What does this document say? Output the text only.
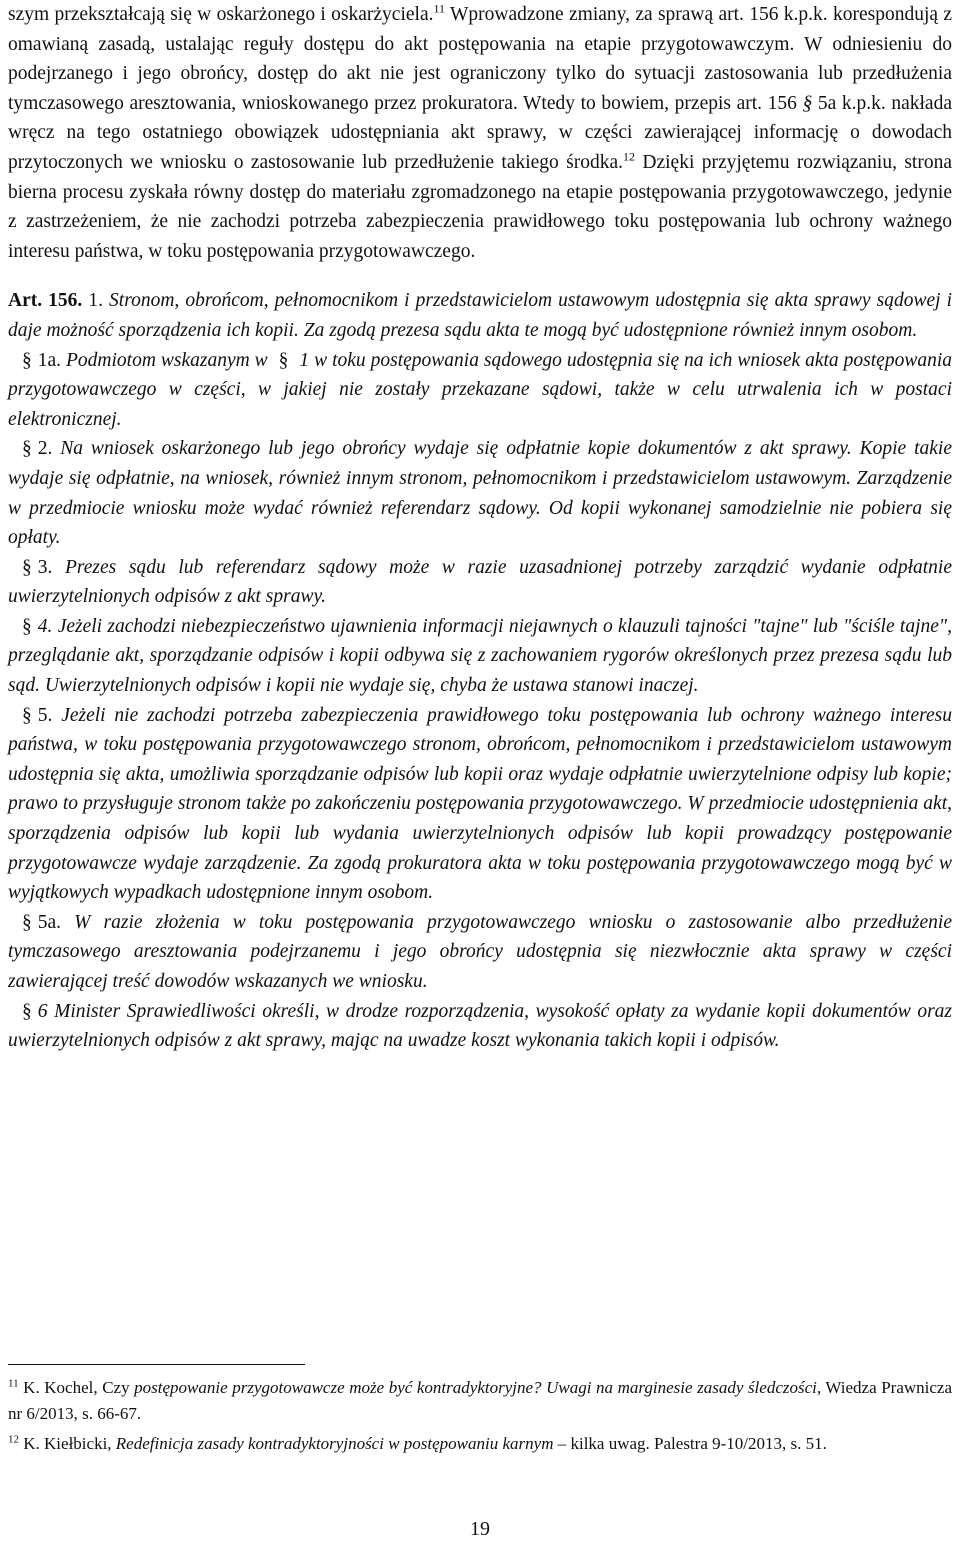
szym przekształcają się w oskarżonego i oskarżyciela.$^{11}$ Wprowadzone zmiany, za sprawą art. 156 k.p.k. korespondują z omawianą zasadą, ustalając reguły dostępu do akt postępowania na etapie przygotowawczym. W odniesieniu do podejrzanego i jego obrońcy, dostęp do akt nie jest ograniczony tylko do sytuacji zastosowania lub przedłużenia tymczasowego aresztowania, wnioskowanego przez prokuratora. Wtedy to bowiem, przepis art. 156 § 5a k.p.k. nakłada wręcz na tego ostatniego obowiązek udostępniania akt sprawy, w części zawierającej informację o dowodach przytoczonych we wniosku o zastosowanie lub przedłużenie takiego środka.$^{12}$ Dzięki przyjętemu rozwiązaniu, strona bierna procesu zyskała równy dostęp do materiału zgromadzonego na etapie postępowania przygotowawczego, jedynie z zastrzeżeniem, że nie zachodzi potrzeba zabezpieczenia prawidłowego toku postępowania lub ochrony ważnego interesu państwa, w toku postępowania przygotowawczego.

Art. 156. 1. Stronom, obrońcom, pełnomocnikom i przedstawicielom ustawowym udostępnia się akta sprawy sądowej i daje możność sporządzenia ich kopii. Za zgodą prezesa sądu akta te mogą być udostępnione również innym osobom.

§ 1a. Podmiotom wskazanym w § 1 w toku postępowania sądowego udostępnia się na ich wniosek akta postępowania przygotowawczego w części, w jakiej nie zostały przekazane sądowi, także w celu utrwalenia ich w postaci elektronicznej.

§ 2. Na wniosek oskarżonego lub jego obrońcy wydaje się odpłatnie kopie dokumentów z akt sprawy. Kopie takie wydaje się odpłatnie, na wniosek, również innym stronom, pełnomocnikom i przedstawicielom ustawowym. Zarządzenie w przedmiocie wniosku może wydać również referendarz sądowy. Od kopii wykonanej samodzielnie nie pobiera się opłaty.

§ 3. Prezes sądu lub referendarz sądowy może w razie uzasadnionej potrzeby zarządzić wydanie odpłatnie uwierzytelnionych odpisów z akt sprawy.

§ 4. Jeżeli zachodzi niebezpieczeństwo ujawnienia informacji niejawnych o klauzuli tajności "tajne" lub "ściśle tajne", przeglądanie akt, sporządzanie odpisów i kopii odbywa się z zachowaniem rygorów określonych przez prezesa sądu lub sąd. Uwierzytelnionych odpisów i kopii nie wydaje się, chyba że ustawa stanowi inaczej.

§ 5. Jeżeli nie zachodzi potrzeba zabezpieczenia prawidłowego toku postępowania lub ochrony ważnego interesu państwa, w toku postępowania przygotowawczego stronom, obrońcom, pełnomocnikom i przedstawicielom ustawowym udostępnia się akta, umożliwia sporządzanie odpisów lub kopii oraz wydaje odpłatnie uwierzytelnione odpisy lub kopie; prawo to przysługuje stronom także po zakończeniu postępowania przygotowawczego. W przedmiocie udostępnienia akt, sporządzenia odpisów lub kopii lub wydania uwierzytelnionych odpisów lub kopii prowadzący postępowanie przygotowawcze wydaje zarządzenie. Za zgodą prokuratora akta w toku postępowania przygotowawczego mogą być w wyjątkowych wypadkach udostępnione innym osobom.

§ 5a. W razie złożenia w toku postępowania przygotowawczego wniosku o zastosowanie albo przedłużenie tymczasowego aresztowania podejrzanemu i jego obrońcy udostępnia się niezwłocznie akta sprawy w części zawierającej treść dowodów wskazanych we wniosku.

§ 6 Minister Sprawiedliwości określi, w drodze rozporządzenia, wysokość opłaty za wydanie kopii dokumentów oraz uwierzytelnionych odpisów z akt sprawy, mając na uwadze koszt wykonania takich kopii i odpisów.

$^{11}$ K. Kochel, Czy postępowanie przygotowawcze może być kontradyktoryjne? Uwagi na marginesie zasady śledczości, Wiedza Prawnicza nr 6/2013, s. 66-67.

$^{12}$ K. Kiełbicki, Redefinicja zasady kontradyktoryjności w postępowaniu karnym – kilka uwag. Palestra 9-10/2013, s. 51.

19
